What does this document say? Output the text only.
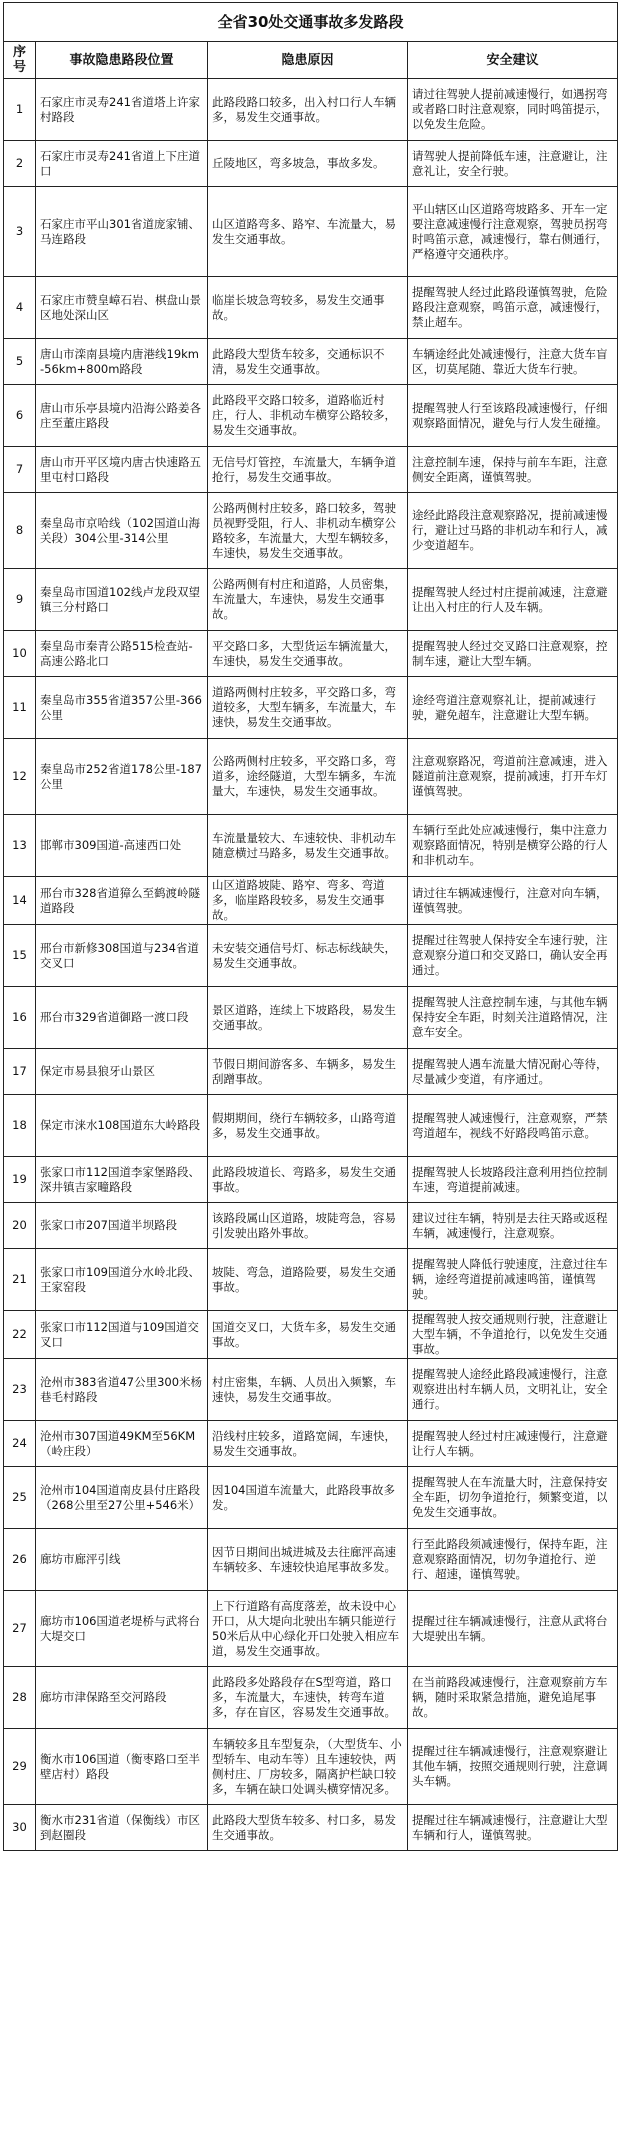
全省30处交通事故多发路段			
序号	事故隐患路段位置	隐患原因	安全建议
1	石家庄市灵寿241省道塔上许家村路段	此路段路口较多，出入村口行人车辆多，易发生交通事故。	请过往驾驶人提前减速慢行，如遇拐弯或者路口时注意观察，同时鸣笛提示，以免发生危险。
2	石家庄市灵寿241省道上下庄道口	丘陵地区，弯多坡急，事故多发。	请驾驶人提前降低车速，注意避让，注意礼让，安全行驶。
3	石家庄市平山301省道庞家铺、马连路段	山区道路弯多、路窄、车流量大，易发生交通事故。	平山辖区山区道路弯坡路多、开车一定要注意减速慢行注意观察，驾驶员拐弯时鸣笛示意，减速慢行，靠右侧通行，严格遵守交通秩序。
4	石家庄市赞皇嶂石岩、棋盘山景区地处深山区	临崖长坡急弯较多，易发生交通事故。	提醒驾驶人经过此路段谨慎驾驶，危险路段注意观察，鸣笛示意，减速慢行，禁止超车。
5	唐山市滦南县境内唐港线19km-56km+800m路段	此路段大型货车较多，交通标识不清，易发生交通事故。	车辆途经此处减速慢行，注意大货车盲区，切莫尾随、靠近大货车行驶。
6	唐山市乐亭县境内沿海公路姜各庄至董庄路段	此路段平交路口较多，道路临近村庄，行人、非机动车横穿公路较多，易发生交通事故。	提醒驾驶人行至该路段减速慢行，仔细观察路面情况，避免与行人发生碰撞。
7	唐山市开平区境内唐古快速路五里屯村口路段	无信号灯管控，车流量大，车辆争道抢行，易发生交通事故。	注意控制车速，保持与前车车距，注意侧安全距离，谨慎驾驶。
8	秦皇岛市京哈线（102国道山海关段）304公里-314公里	公路两侧村庄较多，路口较多，驾驶员视野受阻，行人、非机动车横穿公路较多，车流量大，大型车辆较多，车速快，易发生交通事故。	途经此路段注意观察路况，提前减速慢行，避让过马路的非机动车和行人，减少变道超车。
9	秦皇岛市国道102线卢龙段双望镇三分村路口	公路两侧有村庄和道路，人员密集，车流量大，车速快，易发生交通事故。	提醒驾驶人经过村庄提前减速，注意避让出入村庄的行人及车辆。
10	秦皇岛市秦青公路515检查站-高速公路北口	平交路口多，大型货运车辆流量大，车速快，易发生交通事故。	提醒驾驶人经过交叉路口注意观察，控制车速，避让大型车辆。
11	秦皇岛市355省道357公里-366公里	道路两侧村庄较多，平交路口多，弯道较多，大型车辆多，车流量大，车速快，易发生交通事故。	途经弯道注意观察礼让，提前减速行驶，避免超车，注意避让大型车辆。
12	秦皇岛市252省道178公里-187公里	公路两侧村庄较多，平交路口多，弯道多，途经隧道，大型车辆多，车流量大，车速快，易发生交通事故。	注意观察路况，弯道前注意减速，进入隧道前注意观察，提前减速，打开车灯谨慎驾驶。
13	邯郸市309国道-高速西口处	车流量量较大、车速较快、非机动车随意横过马路多，易发生交通事故。	车辆行至此处应减速慢行，集中注意力观察路面情况，特别是横穿公路的行人和非机动车。
14	邢台市328省道獐么至鹤渡岭隧道路段	山区道路坡陡、路窄、弯多、弯道多，临崖路段较多，易发生交通事故。	请过往车辆减速慢行，注意对向车辆，谨慎驾驶。
15	邢台市新修308国道与234省道交叉口	未安装交通信号灯、标志标线缺失，易发生交通事故。	提醒过往驾驶人保持安全车速行驶，注意观察分道口和交叉路口，确认安全再通过。
16	邢台市329省道御路一渡口段	景区道路，连续上下坡路段，易发生交通事故。	提醒驾驶人注意控制车速，与其他车辆保持安全车距，时刻关注道路情况，注意车安全。
17	保定市易县狼牙山景区	节假日期间游客多、车辆多，易发生刮蹭事故。	提醒驾驶人遇车流量大情况耐心等待，尽量减少变道，有序通过。
18	保定市涞水108国道东大岭路段	假期期间，绕行车辆较多，山路弯道多，易发生交通事故。	提醒驾驶人减速慢行，注意观察，严禁弯道超车，视线不好路段鸣笛示意。
19	张家口市112国道李家堡路段、深井镇吉家疃路段	此路段坡道长、弯路多，易发生交通事故。	提醒驾驶人长坡路段注意利用挡位控制车速，弯道提前减速。
20	张家口市207国道半坝路段	该路段属山区道路，坡陡弯急，容易引发驶出路外事故。	建议过往车辆，特别是去往天路或返程车辆，减速慢行，注意观察。
21	张家口市109国道分水岭北段、王家窑段	坡陡、弯急，道路险要，易发生交通事故。	提醒驾驶人降低行驶速度，注意过往车辆，途经弯道提前减速鸣笛，谨慎驾驶。
22	张家口市112国道与109国道交叉口	国道交叉口，大货车多，易发生交通事故。	提醒驾驶人按交通规则行驶，注意避让大型车辆，不争道抢行，以免发生交通事故。
23	沧州市383省道47公里300米杨巷毛村路段	村庄密集，车辆、人员出入频繁，车速快，易发生交通事故。	提醒驾驶人途经此路段减速慢行，注意观察进出村车辆人员，文明礼让，安全通行。
24	沧州市307国道49KM至56KM（岭庄段）	沿线村庄较多，道路宽阔，车速快，易发生交通事故。	提醒驾驶人经过村庄减速慢行，注意避让行人车辆。
25	沧州市104国道南皮县付庄路段（268公里至27公里+546米）	因104国道车流量大，此路段事故多发。	提醒驾驶人在车流量大时，注意保持安全车距，切勿争道抢行，频繁变道，以免发生交通事故。
26	廊坊市廊泙引线	因节日期间出城进城及去往廊泙高速车辆较多、车速较快追尾事故多发。	行至此路段须减速慢行，保持车距，注意观察路面情况，切勿争道抢行、逆行、超速，谨慎驾驶。
27	廊坊市106国道老堤桥与武将台大堤交口	上下行道路有高度落差，故未设中心开口，从大堤向北驶出车辆只能逆行50米后从中心绿化开口处驶入相应车道，易发生交通事故。	提醒过往车辆减速慢行，注意从武将台大堤驶出车辆。
28	廊坊市津保路至交河路段	此路段多处路段存在S型弯道，路口多，车流量大，车速快，转弯车道多，存在盲区，容易发生交通事故。	在当前路段减速慢行，注意观察前方车辆，随时采取紧急措施，避免追尾事故。
29	衡水市106国道（衡枣路口至半壁店村）路段	车辆较多且车型复杂，（大型货车、小型轿车、电动车等）且车速较快，两侧村庄、厂房较多，隔离护栏缺口较多，车辆在缺口处调头横穿情况多。	提醒过往车辆减速慢行，注意观察避让其他车辆，按照交通规则行驶，注意调头车辆。
30	衡水市231省道（保衡线）市区到赵圈段	此路段大型货车较多、村口多，易发生交通事故。	提醒过往车辆减速慢行，注意避让大型车辆和行人，谨慎驾驶。
